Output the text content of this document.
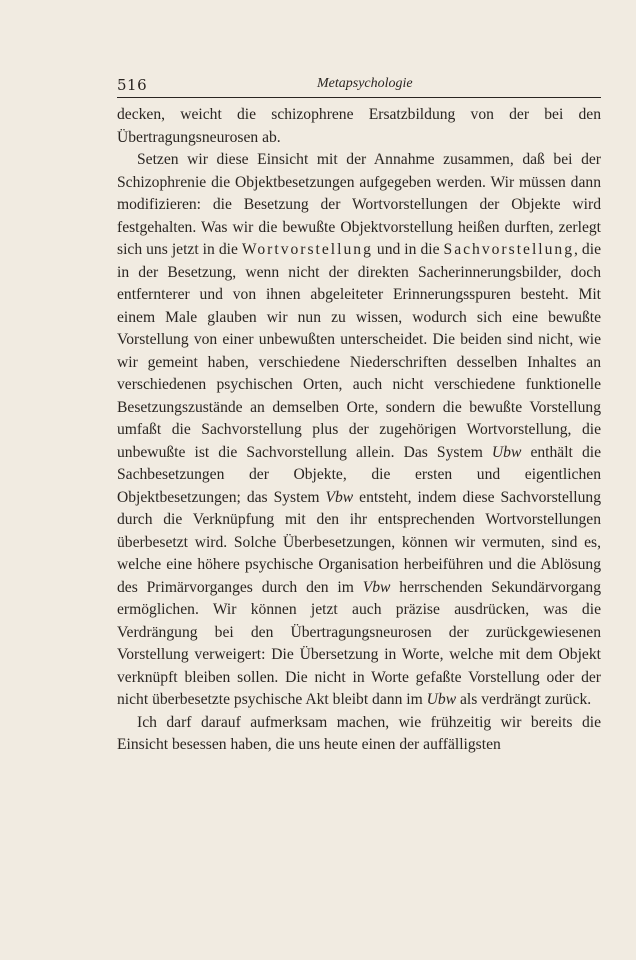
516	Metapsychologie

decken, weicht die schizophrene Ersatzbildung von der bei den Übertragungsneurosen ab.

Setzen wir diese Einsicht mit der Annahme zusammen, daß bei der Schizophrenie die Objektbesetzungen aufgegeben werden. Wir müssen dann modifizieren: die Besetzung der Wortvorstellungen der Objekte wird festgehalten. Was wir die bewußte Objektvorstellung heißen durften, zerlegt sich uns jetzt in die Wortvorstellung und in die Sachvorstellung, die in der Besetzung, wenn nicht der direkten Sacherinnerungsbilder, doch entfernterer und von ihnen abgeleiteter Erinnerungsspuren besteht. Mit einem Male glauben wir nun zu wissen, wodurch sich eine bewußte Vorstellung von einer unbewußten unterscheidet. Die beiden sind nicht, wie wir gemeint haben, verschiedene Niederschriften desselben Inhaltes an verschiedenen psychischen Orten, auch nicht verschiedene funktionelle Besetzungszustände an demselben Orte, sondern die bewußte Vorstellung umfaßt die Sachvorstellung plus der zugehörigen Wortvorstellung, die unbewußte ist die Sachvorstellung allein. Das System Ubw enthält die Sachbesetzungen der Objekte, die ersten und eigentlichen Objektbesetzungen; das System Vbw entsteht, indem diese Sachvorstellung durch die Verknüpfung mit den ihr entsprechenden Wortvorstellungen überbesetzt wird. Solche Überbesetzungen, können wir vermuten, sind es, welche eine höhere psychische Organisation herbeiführen und die Ablösung des Primärvorganges durch den im Vbw herrschenden Sekundärvorgang ermöglichen. Wir können jetzt auch präzise ausdrücken, was die Verdrängung bei den Übertragungsneurosen der zurückgewiesenen Vorstellung verweigert: Die Übersetzung in Worte, welche mit dem Objekt verknüpft bleiben sollen. Die nicht in Worte gefaßte Vorstellung oder der nicht überbesetzte psychische Akt bleibt dann im Ubw als verdrängt zurück.

Ich darf darauf aufmerksam machen, wie frühzeitig wir bereits die Einsicht besessen haben, die uns heute einen der auffälligsten
